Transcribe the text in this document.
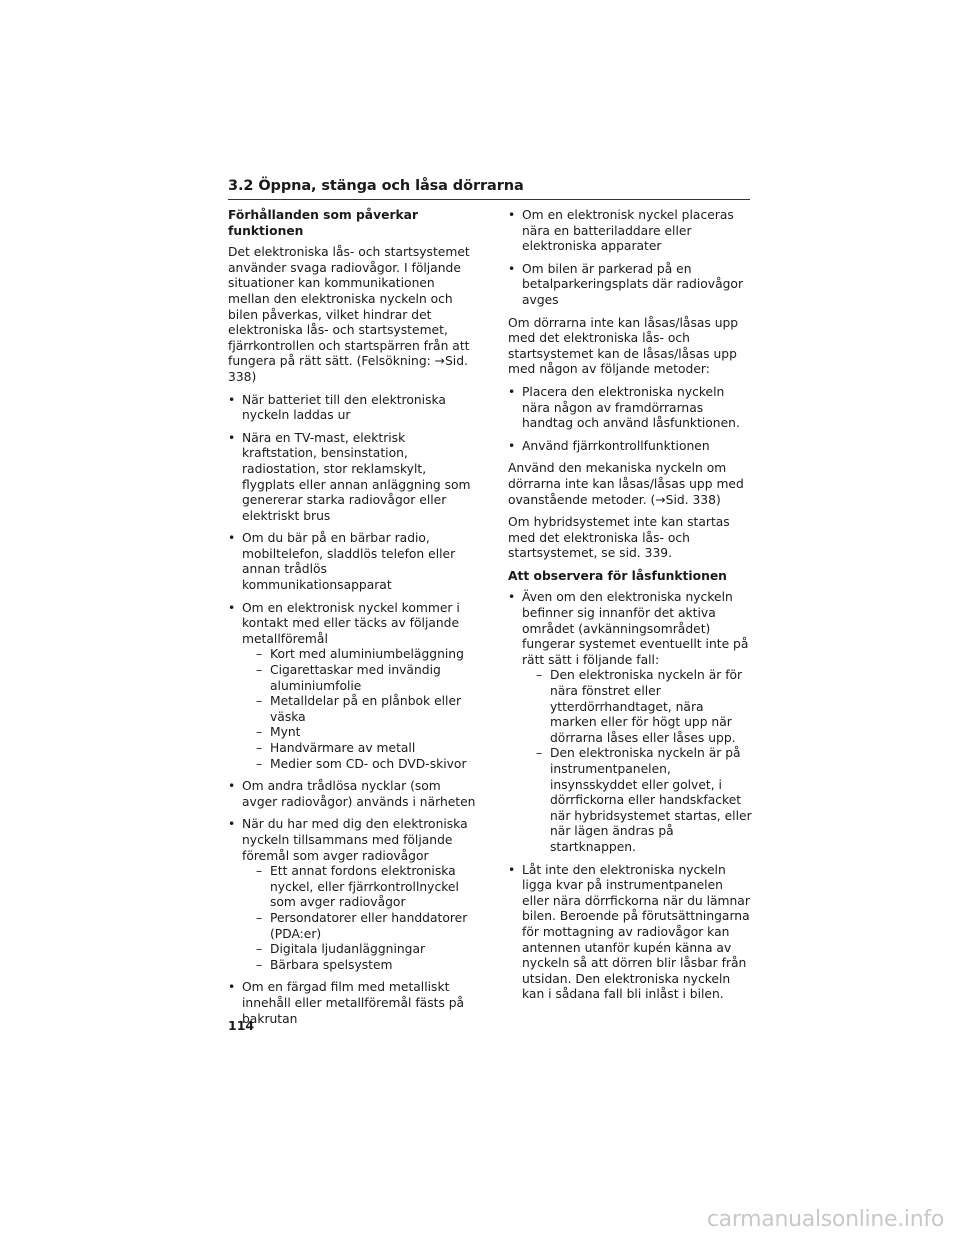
3.2 Öppna, stänga och låsa dörrarna
Förhållanden som påverkar funktionen
Det elektroniska lås- och startsystemet använder svaga radiovågor. I följande situationer kan kommunikationen mellan den elektroniska nyckeln och bilen påverkas, vilket hindrar det elektroniska lås- och startsystemet, fjärrkontrollen och startspärren från att fungera på rätt sätt. (Felsökning: →Sid. 338)
• När batteriet till den elektroniska nyckeln laddas ur
• Nära en TV-mast, elektrisk kraftstation, bensinstation, radiostation, stor reklamskylt, flygplats eller annan anläggning som genererar starka radiovågor eller elektriskt brus
• Om du bär på en bärbar radio, mobiltelefon, sladdlös telefon eller annan trådlös kommunikationsapparat
• Om en elektronisk nyckel kommer i kontakt med eller täcks av följande metallföremål
– Kort med aluminiumbeläggning
– Cigarettaskar med invändig aluminiumfolie
– Metalldelar på en plånbok eller väska
– Mynt
– Handvärmare av metall
– Medier som CD- och DVD-skivor
• Om andra trådlösa nycklar (som avger radiovågor) används i närheten
• När du har med dig den elektroniska nyckeln tillsammans med följande föremål som avger radiovågor
– Ett annat fordons elektroniska nyckel, eller fjärrkontrollnyckel som avger radiovågor
– Persondatorer eller handdatorer (PDA:er)
– Digitala ljudanläggningar
– Bärbara spelsystem
• Om en färgad film med metalliskt innehåll eller metallföremål fästs på bakrutan
• Om en elektronisk nyckel placeras nära en batteriladdare eller elektroniska apparater
• Om bilen är parkerad på en betalparkeringsplats där radiovågor avges
Om dörrarna inte kan låsas/låsas upp med det elektroniska lås- och startsystemet kan de låsas/låsas upp med någon av följande metoder:
• Placera den elektroniska nyckeln nära någon av framdörrarnas handtag och använd låsfunktionen.
• Använd fjärrkontrollfunktionen
Använd den mekaniska nyckeln om dörrarna inte kan låsas/låsas upp med ovanstående metoder. (→Sid. 338)
Om hybridsystemet inte kan startas med det elektroniska lås- och startsystemet, se sid. 339.
Att observera för låsfunktionen
• Även om den elektroniska nyckeln befinner sig innanför det aktiva området (avkänningsområdet) fungerar systemet eventuellt inte på rätt sätt i följande fall:
– Den elektroniska nyckeln är för nära fönstret eller ytterdörrhandtaget, nära marken eller för högt upp när dörrarna låses eller låses upp.
– Den elektroniska nyckeln är på instrumentpanelen, insynsskyddet eller golvet, i dörrfickorna eller handskfacket när hybridsystemet startas, eller när lägen ändras på startknappen.
• Låt inte den elektroniska nyckeln ligga kvar på instrumentpanelen eller nära dörrfickorna när du lämnar bilen. Beroende på förutsättningarna för mottagning av radiovågor kan antennen utanför kupén känna av nyckeln så att dörren blir låsbar från utsidan. Den elektroniska nyckeln kan i sådana fall bli inlåst i bilen.
114
carmanualsonline.info
